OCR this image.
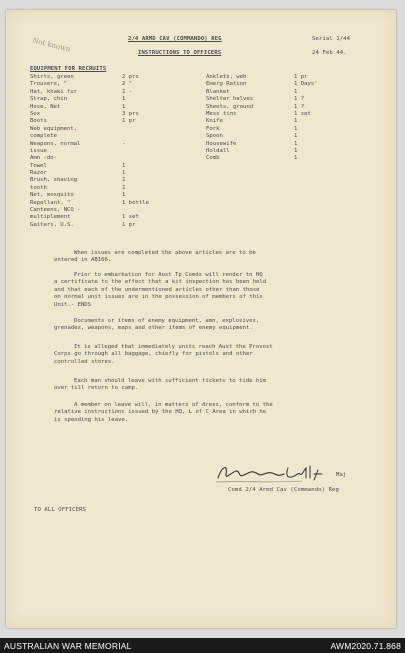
Not known	2/4 ARMD CAV (COMMANDO) REG	Serial 1/44
INSTRUCTIONS TO OFFICERS	24 Feb 44.
EQUIPMENT FOR RECRUITS
Shirts, green	2 prs
Trousers, "	2 "
Hat, khaki fur	1 -
Strap, chin	1
Hose, Net	1
Sox	3 prs
Boots	1 pr
Web equipment,
complete
Weapons, normal	-
issue
Amn -do-
Towel	1
Razor	1
Brush, shaving	1
tooth	1
Net, mosquito	1
Repellant, "	1 bottle
Canteens, NCO -
multiplement	1 set
Gaiters, U.S.	1 pr
Anklets, web	1 pr
Emerg Ration	1 Days'
Blanket	1
Shelter halves	1 ?
Sheets, ground	1 ?
Mess tins	1 set
Knife	1
Fork	1
Spoon	1
Housewife	1
Holdall	1
Comb	1
When issues are completed the above articles are to be
entered in AB166.
Prior to embarkation for Aust Tp Comds will render to HQ
a certificate to the effect that a kit inspection has been held
and that each of the undermentioned articles other than those
on normal unit issues are in the possession of members of this
Unit.- ENDS
Documents or items of enemy equipment, amn, explosives,
grenades, weapons, maps and other items of enemy equipment.
It is alleged that immediately units reach Aust the Provost
Corps go through all baggage, chiefly for pistols and other
controlled stores.
Each man should leave with sufficient tickets to tide him
over till return to camp.
A member on leave will, in matters of dress, conform to the
relative instructions issued by the HQ, L of C Area in which he
is spending his leave.
Maj
Comd 2/4 Armd Cav (Commando) Reg
TO ALL OFFICERS
AUSTRALIAN WAR MEMORIAL	AWM2020.71.868
